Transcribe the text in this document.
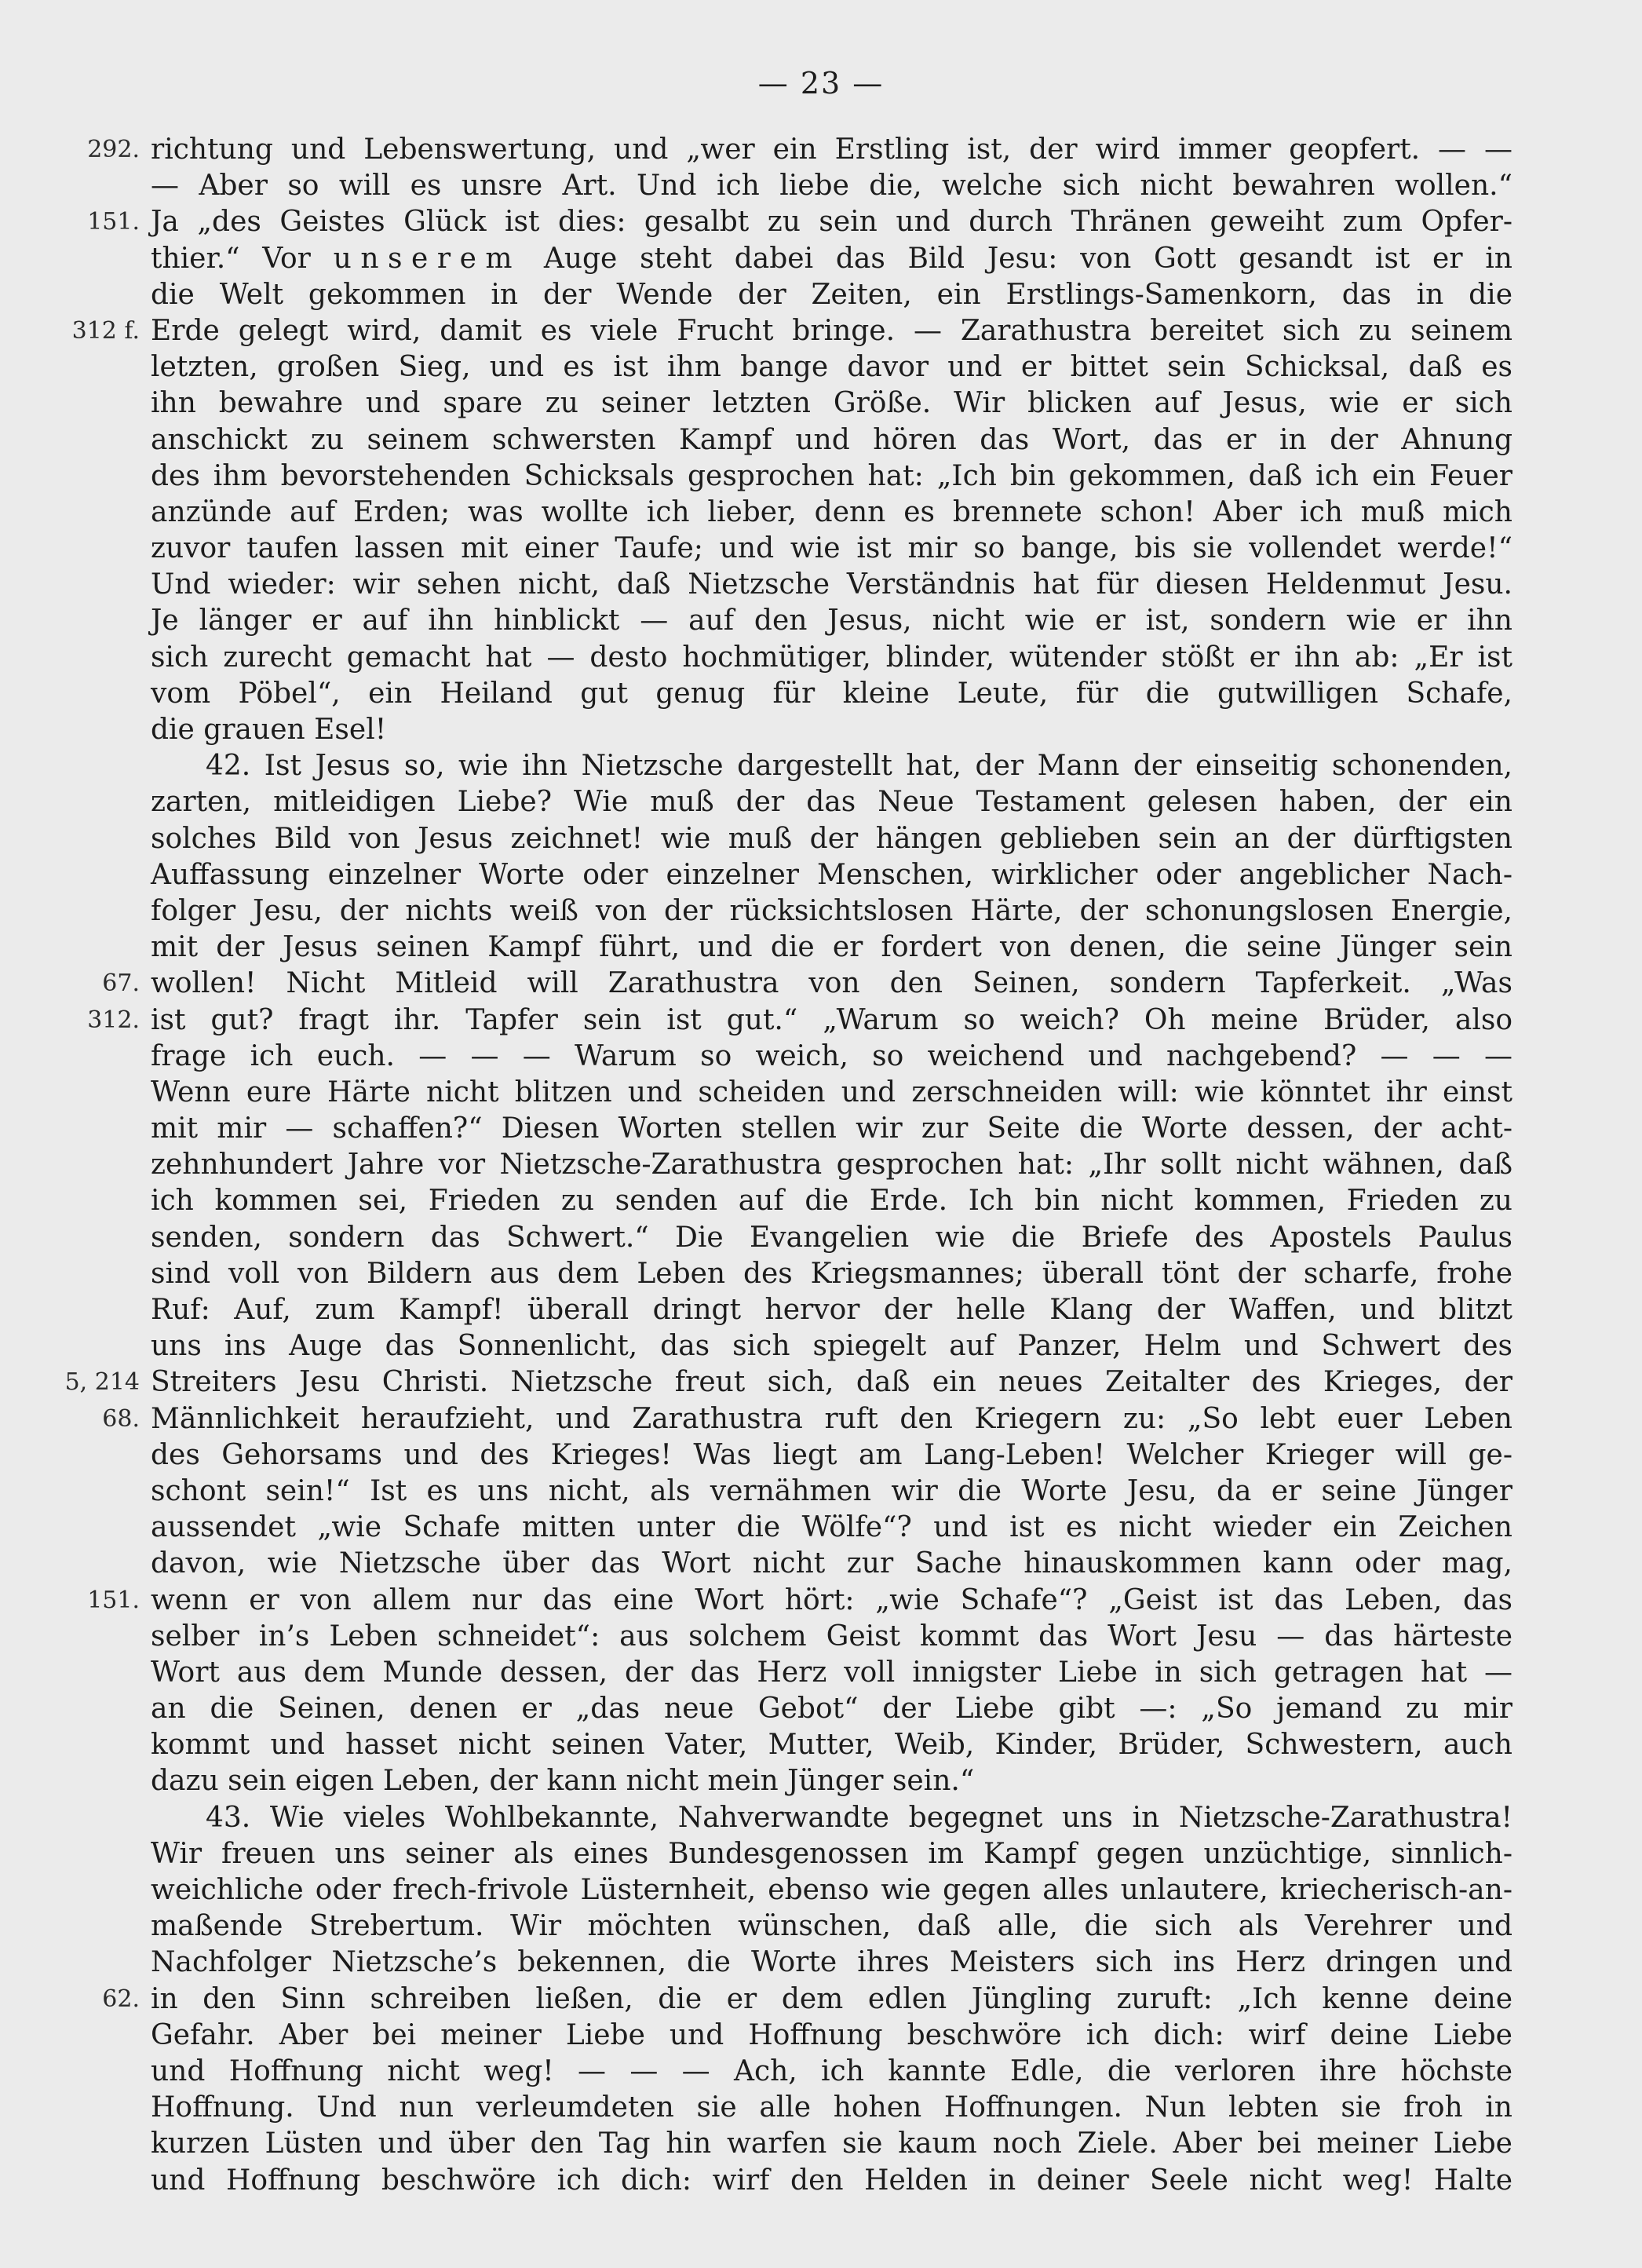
— 23 —
292. richtung und Lebenswertung, und „wer ein Erstling ist, der wird immer geopfert. — —
— Aber so will es unsre Art. Und ich liebe die, welche sich nicht bewahren wollen.“
151. Ja „des Geistes Glück ist dies: gesalbt zu sein und durch Thränen geweiht zum Opfer-
thier.“ Vor unserem Auge steht dabei das Bild Jesu: von Gott gesandt ist er in
die Welt gekommen in der Wende der Zeiten, ein Erstlings-Samenkorn, das in die
312 f. Erde gelegt wird, damit es viele Frucht bringe. — Zarathustra bereitet sich zu seinem
letzten, großen Sieg, und es ist ihm bange davor und er bittet sein Schicksal, daß es
ihn bewahre und spare zu seiner letzten Größe. Wir blicken auf Jesus, wie er sich
anschickt zu seinem schwersten Kampf und hören das Wort, das er in der Ahnung
des ihm bevorstehenden Schicksals gesprochen hat: „Ich bin gekommen, daß ich ein Feuer
anzünde auf Erden; was wollte ich lieber, denn es brennete schon! Aber ich muß mich
zuvor taufen lassen mit einer Taufe; und wie ist mir so bange, bis sie vollendet werde!“
Und wieder: wir sehen nicht, daß Nietzsche Verständnis hat für diesen Heldenmut Jesu.
Je länger er auf ihn hinblickt — auf den Jesus, nicht wie er ist, sondern wie er ihn
sich zurecht gemacht hat — desto hochmütiger, blinder, wütender stößt er ihn ab: „Er ist
vom Pöbel“, ein Heiland gut genug für kleine Leute, für die gutwilligen Schafe,
die grauen Esel!
42. Ist Jesus so, wie ihn Nietzsche dargestellt hat, der Mann der einseitig schonenden,
zarten, mitleidigen Liebe? Wie muß der das Neue Testament gelesen haben, der ein
solches Bild von Jesus zeichnet! wie muß der hängen geblieben sein an der dürftigsten
Auffassung einzelner Worte oder einzelner Menschen, wirklicher oder angeblicher Nach-
folger Jesu, der nichts weiß von der rücksichtslosen Härte, der schonungslosen Energie,
mit der Jesus seinen Kampf führt, und die er fordert von denen, die seine Jünger sein
67. wollen! Nicht Mitleid will Zarathustra von den Seinen, sondern Tapferkeit. „Was
312. ist gut? fragt ihr. Tapfer sein ist gut.“ „Warum so weich? Oh meine Brüder, also
frage ich euch. — — — Warum so weich, so weichend und nachgebend? — — —
Wenn eure Härte nicht blitzen und scheiden und zerschneiden will: wie könntet ihr einst
mit mir — schaffen?“ Diesen Worten stellen wir zur Seite die Worte dessen, der acht-
zehnhundert Jahre vor Nietzsche-Zarathustra gesprochen hat: „Ihr sollt nicht wähnen, daß
ich kommen sei, Frieden zu senden auf die Erde. Ich bin nicht kommen, Frieden zu
senden, sondern das Schwert.“ Die Evangelien wie die Briefe des Apostels Paulus
sind voll von Bildern aus dem Leben des Kriegsmannes; überall tönt der scharfe, frohe
Ruf: Auf, zum Kampf! überall dringt hervor der helle Klang der Waffen, und blitzt
uns ins Auge das Sonnenlicht, das sich spiegelt auf Panzer, Helm und Schwert des
5, 214 Streiters Jesu Christi. Nietzsche freut sich, daß ein neues Zeitalter des Krieges, der
68. Männlichkeit heraufzieht, und Zarathustra ruft den Kriegern zu: „So lebt euer Leben
des Gehorsams und des Krieges! Was liegt am Lang-Leben! Welcher Krieger will ge-
schont sein!“ Ist es uns nicht, als vernähmen wir die Worte Jesu, da er seine Jünger
aussendet „wie Schafe mitten unter die Wölfe“? und ist es nicht wieder ein Zeichen
davon, wie Nietzsche über das Wort nicht zur Sache hinauskommen kann oder mag,
151. wenn er von allem nur das eine Wort hört: „wie Schafe“? „Geist ist das Leben, das
selber in’s Leben schneidet“: aus solchem Geist kommt das Wort Jesu — das härteste
Wort aus dem Munde dessen, der das Herz voll innigster Liebe in sich getragen hat —
an die Seinen, denen er „das neue Gebot“ der Liebe gibt —: „So jemand zu mir
kommt und hasset nicht seinen Vater, Mutter, Weib, Kinder, Brüder, Schwestern, auch
dazu sein eigen Leben, der kann nicht mein Jünger sein.“
43. Wie vieles Wohlbekannte, Nahverwandte begegnet uns in Nietzsche-Zarathustra!
Wir freuen uns seiner als eines Bundesgenossen im Kampf gegen unzüchtige, sinnlich-
weichliche oder frech-frivole Lüsternheit, ebenso wie gegen alles unlautere, kriecherisch-an-
maßende Strebertum. Wir möchten wünschen, daß alle, die sich als Verehrer und
Nachfolger Nietzsche’s bekennen, die Worte ihres Meisters sich ins Herz dringen und
62. in den Sinn schreiben ließen, die er dem edlen Jüngling zuruft: „Ich kenne deine
Gefahr. Aber bei meiner Liebe und Hoffnung beschwöre ich dich: wirf deine Liebe
und Hoffnung nicht weg! — — — Ach, ich kannte Edle, die verloren ihre höchste
Hoffnung. Und nun verleumdeten sie alle hohen Hoffnungen. Nun lebten sie froh in
kurzen Lüsten und über den Tag hin warfen sie kaum noch Ziele. Aber bei meiner Liebe
und Hoffnung beschwöre ich dich: wirf den Helden in deiner Seele nicht weg! Halte
